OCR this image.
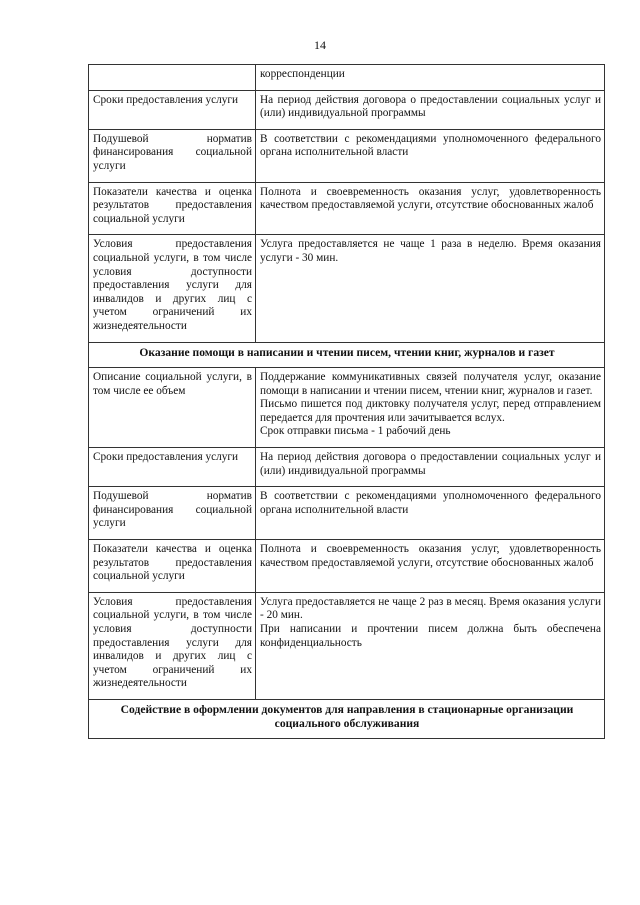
14
	корреспонденции
Сроки предоставления услуги	На период действия договора о предоставлении социальных услуг и (или) индивидуальной программы

Подушевой норматив финансирования социальной услуги	В соответствии с рекомендациями уполномоченного федерального органа исполнительной власти

Показатели качества и оценка результатов предоставления социальной услуги	Полнота и своевременность оказания услуг, удовлетворенность качеством предоставляемой услуги, отсутствие обоснованных жалоб

Условия предоставления социальной услуги, в том числе условия доступности предоставления услуги для инвалидов и других лиц с учетом ограничений их жизнедеятельности	Услуга предоставляется не чаще 1 раза в неделю. Время оказания услуги - 30 мин.

Оказание помощи в написании и чтении писем, чтении книг, журналов и газет	
Описание социальной услуги, в том числе ее объем	Поддержание коммуникативных связей получателя услуг, оказание помощи в написании и чтении писем, чтении книг, журналов и газет.
Письмо пишется под диктовку получателя услуг, перед отправлением передается для прочтения или зачитывается вслух.
Срок отправки письма - 1 рабочий день

Сроки предоставления услуги	На период действия договора о предоставлении социальных услуг и (или) индивидуальной программы

Подушевой норматив финансирования социальной услуги	В соответствии с рекомендациями уполномоченного федерального органа исполнительной власти

Показатели качества и оценка результатов предоставления социальной услуги	Полнота и своевременность оказания услуг, удовлетворенность качеством предоставляемой услуги, отсутствие обоснованных жалоб

Условия предоставления социальной услуги, в том числе условия доступности предоставления услуги для инвалидов и других лиц с учетом ограничений их жизнедеятельности	Услуга предоставляется не чаще 2 раз в месяц. Время оказания услуги - 20 мин.
При написании и прочтении писем должна быть обеспечена конфиденциальность

Содействие в оформлении документов для направления в стационарные организации социального обслуживания	
